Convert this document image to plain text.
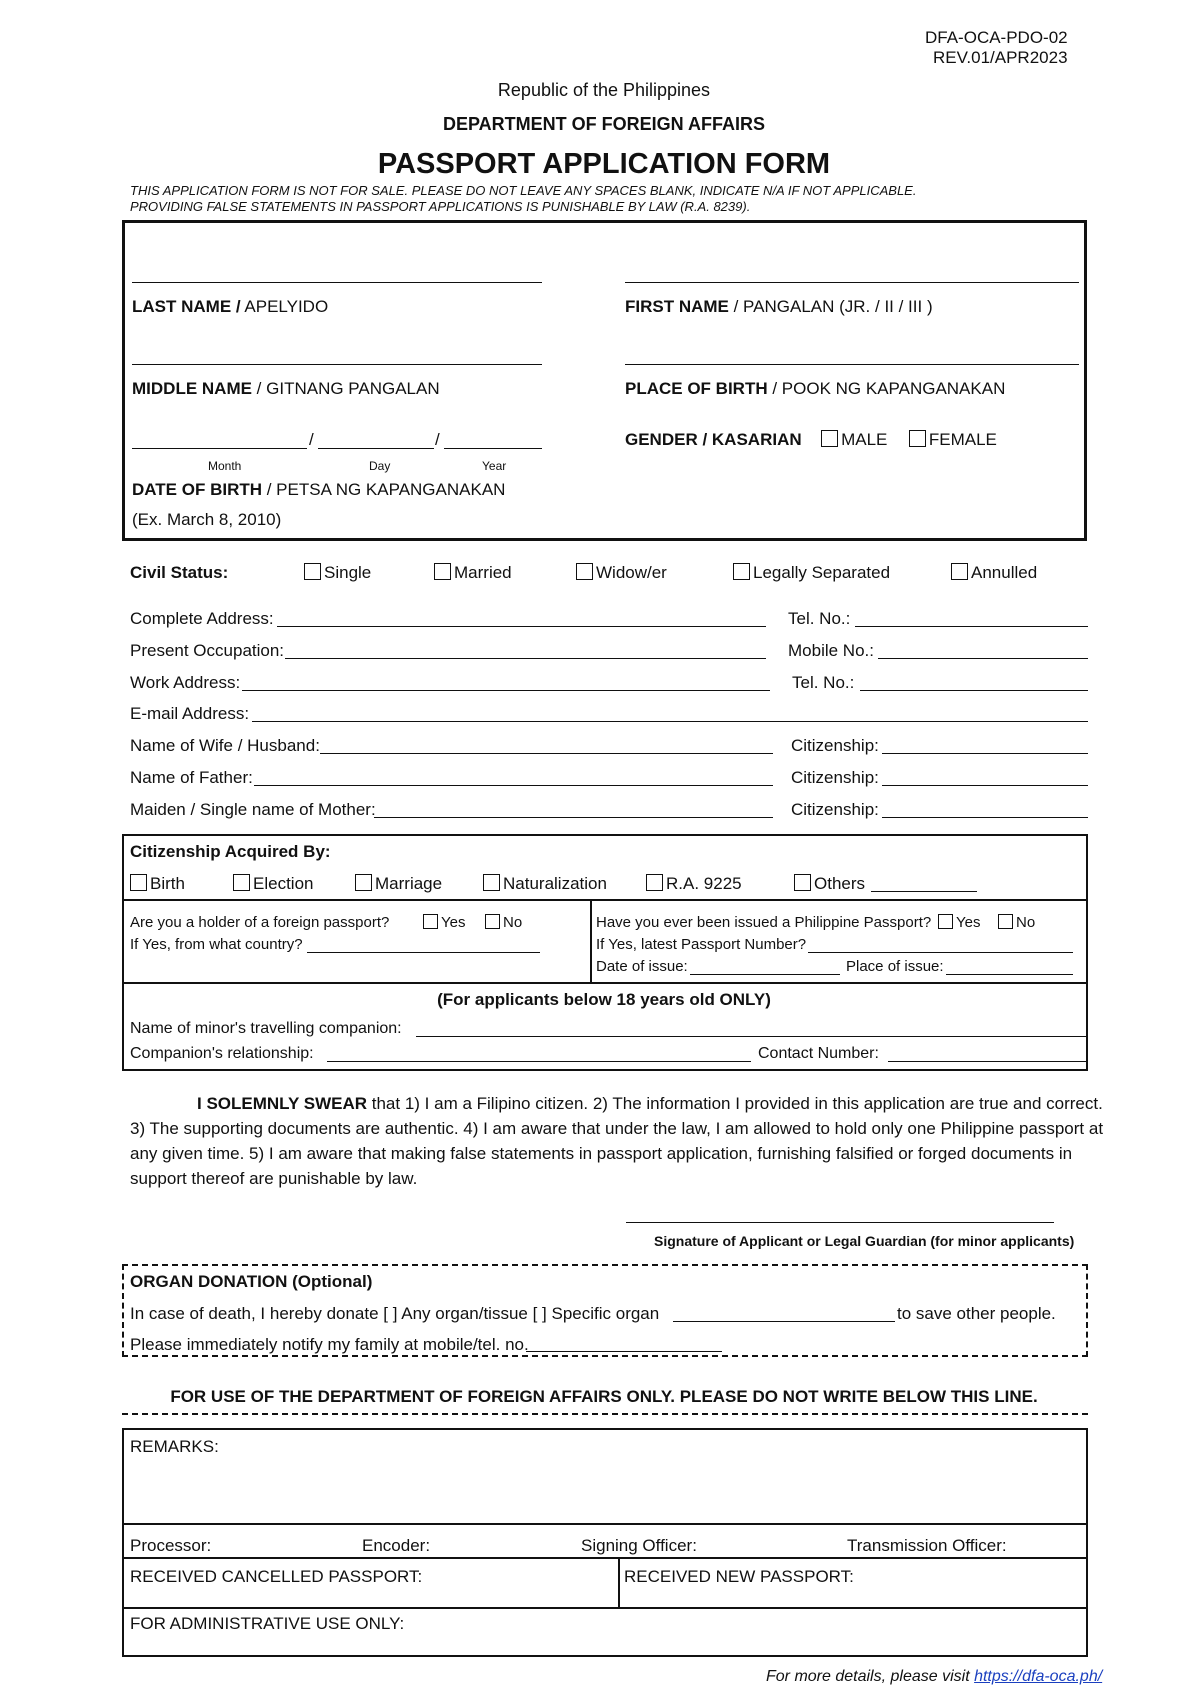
DFA-OCA-PDO-02
REV.01/APR2023
Republic of the Philippines
DEPARTMENT OF FOREIGN AFFAIRS
PASSPORT APPLICATION FORM
THIS APPLICATION FORM IS NOT FOR SALE. PLEASE DO NOT LEAVE ANY SPACES BLANK, INDICATE N/A IF NOT APPLICABLE.
PROVIDING FALSE STATEMENTS IN PASSPORT APPLICATIONS IS PUNISHABLE BY LAW (R.A. 8239).
LAST NAME / APELYIDO	FIRST NAME / PANGALAN (JR. / II / III )
MIDDLE NAME / GITNANG PANGALAN	PLACE OF BIRTH / POOK NG KAPANGANAKAN
/	/
Month	Day	Year
DATE OF BIRTH / PETSA NG KAPANGANAKAN
(Ex. March 8, 2010)
GENDER / KASARIAN MALE FEMALE
Civil Status:	Single	Married	Widow/er	Legally Separated	Annulled
Complete Address:	Tel. No.:
Present Occupation:	Mobile No.:
Work Address:	Tel. No.:
E-mail Address:
Name of Wife / Husband:	Citizenship:
Name of Father:	Citizenship:
Maiden / Single name of Mother:	Citizenship:
Citizenship Acquired By:
Birth	Election	Marriage	Naturalization	R.A. 9225	Others
Are you a holder of a foreign passport?	Yes	No
If Yes, from what country?
Have you ever been issued a Philippine Passport?	Yes	No
If Yes, latest Passport Number?
Date of issue:	Place of issue:
(For applicants below 18 years old ONLY)
Name of minor's travelling companion:
Companion's relationship:	Contact Number:
I SOLEMNLY SWEAR that 1) I am a Filipino citizen. 2) The information I provided in this application are true and correct.
3) The supporting documents are authentic. 4) I am aware that under the law, I am allowed to hold only one Philippine passport at
any given time. 5) I am aware that making false statements in passport application, furnishing falsified or forged documents in
support thereof are punishable by law.
Signature of Applicant or Legal Guardian (for minor applicants)
ORGAN DONATION (Optional)
In case of death, I hereby donate [ ] Any organ/tissue [ ] Specific organ	to save other people.
Please immediately notify my family at mobile/tel. no.
FOR USE OF THE DEPARTMENT OF FOREIGN AFFAIRS ONLY. PLEASE DO NOT WRITE BELOW THIS LINE.
REMARKS:
Processor:	Encoder:	Signing Officer:	Transmission Officer:
RECEIVED CANCELLED PASSPORT:	RECEIVED NEW PASSPORT:
FOR ADMINISTRATIVE USE ONLY:
For more details, please visit https://dfa-oca.ph/
